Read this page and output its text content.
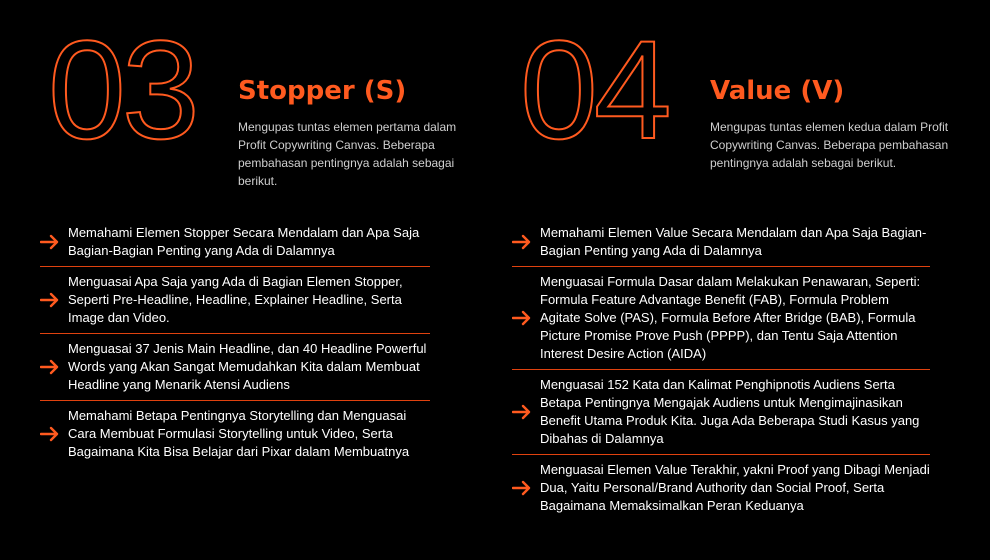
03 Stopper (S)
Mengupas tuntas elemen pertama dalam Profit Copywriting Canvas. Beberapa pembahasan pentingnya adalah sebagai berikut.
Memahami Elemen Stopper Secara Mendalam dan Apa Saja Bagian-Bagian Penting yang Ada di Dalamnya
Menguasai Apa Saja yang Ada di Bagian Elemen Stopper, Seperti Pre-Headline, Headline, Explainer Headline, Serta Image dan Video.
Menguasai 37 Jenis Main Headline, dan 40 Headline Powerful Words yang Akan Sangat Memudahkan Kita dalam Membuat Headline yang Menarik Atensi Audiens
Memahami Betapa Pentingnya Storytelling dan Menguasai Cara Membuat Formulasi Storytelling untuk Video, Serta Bagaimana Kita Bisa Belajar dari Pixar dalam Membuatnya
04 Value (V)
Mengupas tuntas elemen kedua dalam Profit Copywriting Canvas. Beberapa pembahasan pentingnya adalah sebagai berikut.
Memahami Elemen Value Secara Mendalam dan Apa Saja Bagian-Bagian Penting yang Ada di Dalamnya
Menguasai Formula Dasar dalam Melakukan Penawaran, Seperti: Formula Feature Advantage Benefit (FAB), Formula Problem Agitate Solve (PAS), Formula Before After Bridge (BAB), Formula Picture Promise Prove Push (PPPP), dan Tentu Saja Attention Interest Desire Action (AIDA)
Menguasai 152 Kata dan Kalimat Penghipnotis Audiens Serta Betapa Pentingnya Mengajak Audiens untuk Mengimajinasikan Benefit Utama Produk Kita. Juga Ada Beberapa Studi Kasus yang Dibahas di Dalamnya
Menguasai Elemen Value Terakhir, yakni Proof yang Dibagi Menjadi Dua, Yaitu Personal/Brand Authority dan Social Proof, Serta Bagaimana Memaksimalkan Peran Keduanya
